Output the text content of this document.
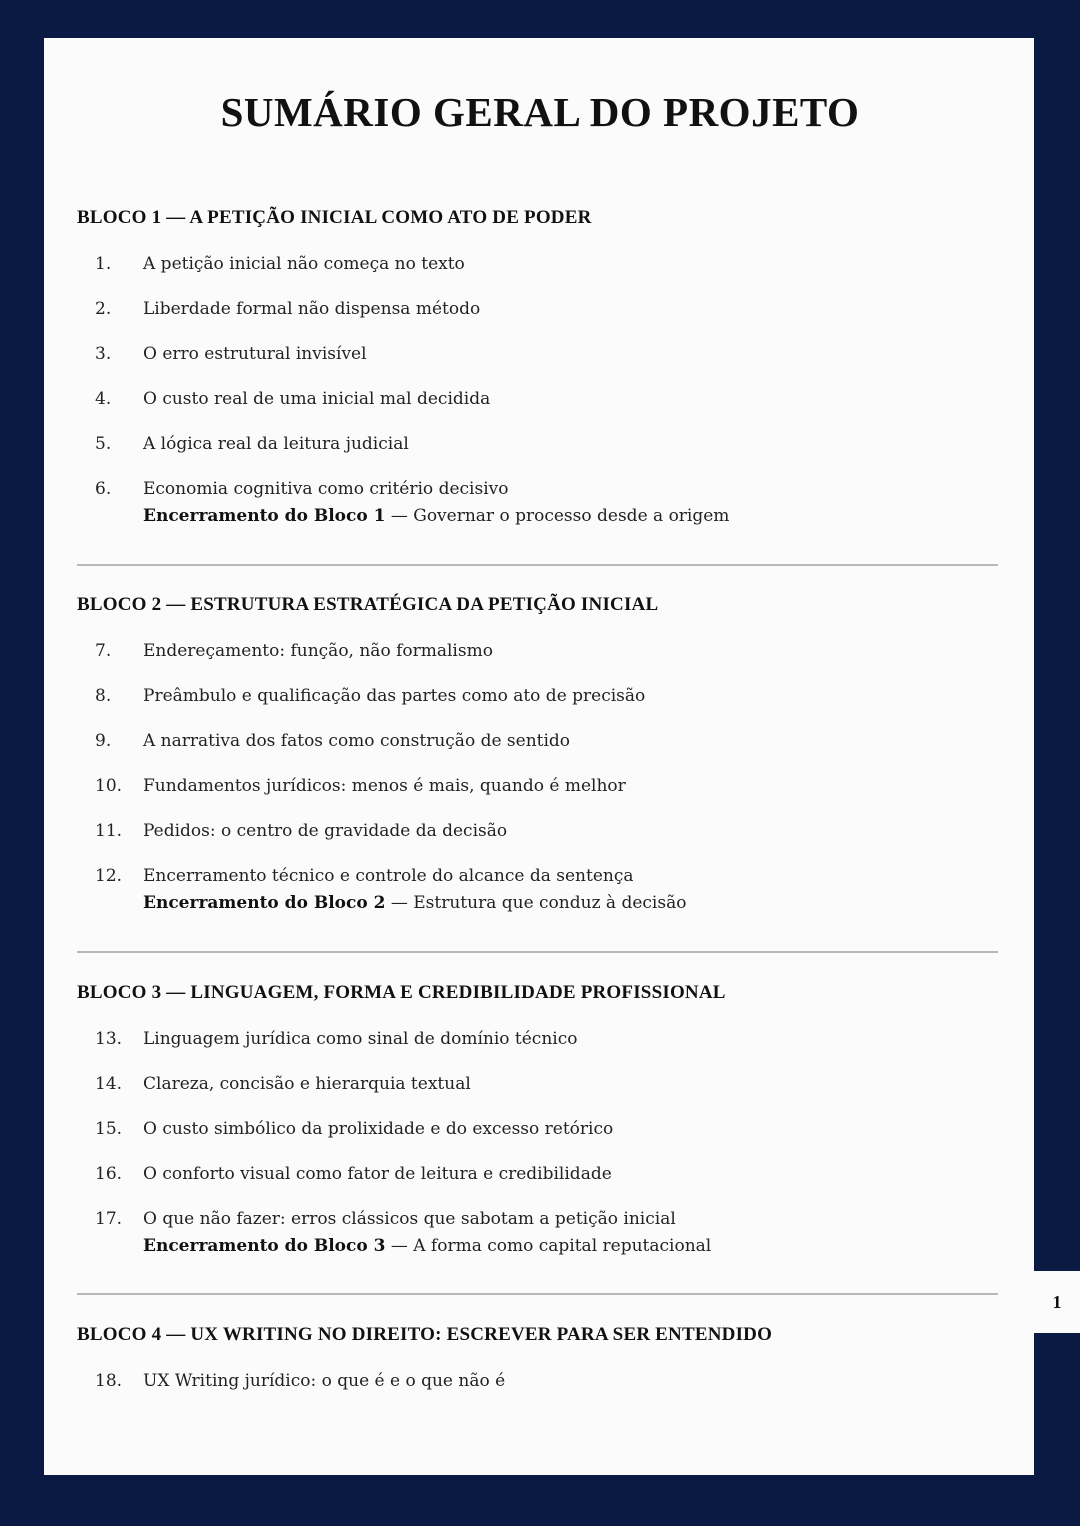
SUMÁRIO GERAL DO PROJETO
BLOCO 1 — A PETIÇÃO INICIAL COMO ATO DE PODER
1.	A petição inicial não começa no texto
2.	Liberdade formal não dispensa método
3.	O erro estrutural invisível
4.	O custo real de uma inicial mal decidida
5.	A lógica real da leitura judicial
6.	Economia cognitiva como critério decisivo
Encerramento do Bloco 1 — Governar o processo desde a origem
BLOCO 2 — ESTRUTURA ESTRATÉGICA DA PETIÇÃO INICIAL
7.	Endereçamento: função, não formalismo
8.	Preâmbulo e qualificação das partes como ato de precisão
9.	A narrativa dos fatos como construção de sentido
10.	Fundamentos jurídicos: menos é mais, quando é melhor
11.	Pedidos: o centro de gravidade da decisão
12.	Encerramento técnico e controle do alcance da sentença
Encerramento do Bloco 2 — Estrutura que conduz à decisão
BLOCO 3 — LINGUAGEM, FORMA E CREDIBILIDADE PROFISSIONAL
13.	Linguagem jurídica como sinal de domínio técnico
14.	Clareza, concisão e hierarquia textual
15.	O custo simbólico da prolixidade e do excesso retórico
16.	O conforto visual como fator de leitura e credibilidade
17.	O que não fazer: erros clássicos que sabotam a petição inicial
Encerramento do Bloco 3 — A forma como capital reputacional
BLOCO 4 — UX WRITING NO DIREITO: ESCREVER PARA SER ENTENDIDO
18.	UX Writing jurídico: o que é e o que não é
1
